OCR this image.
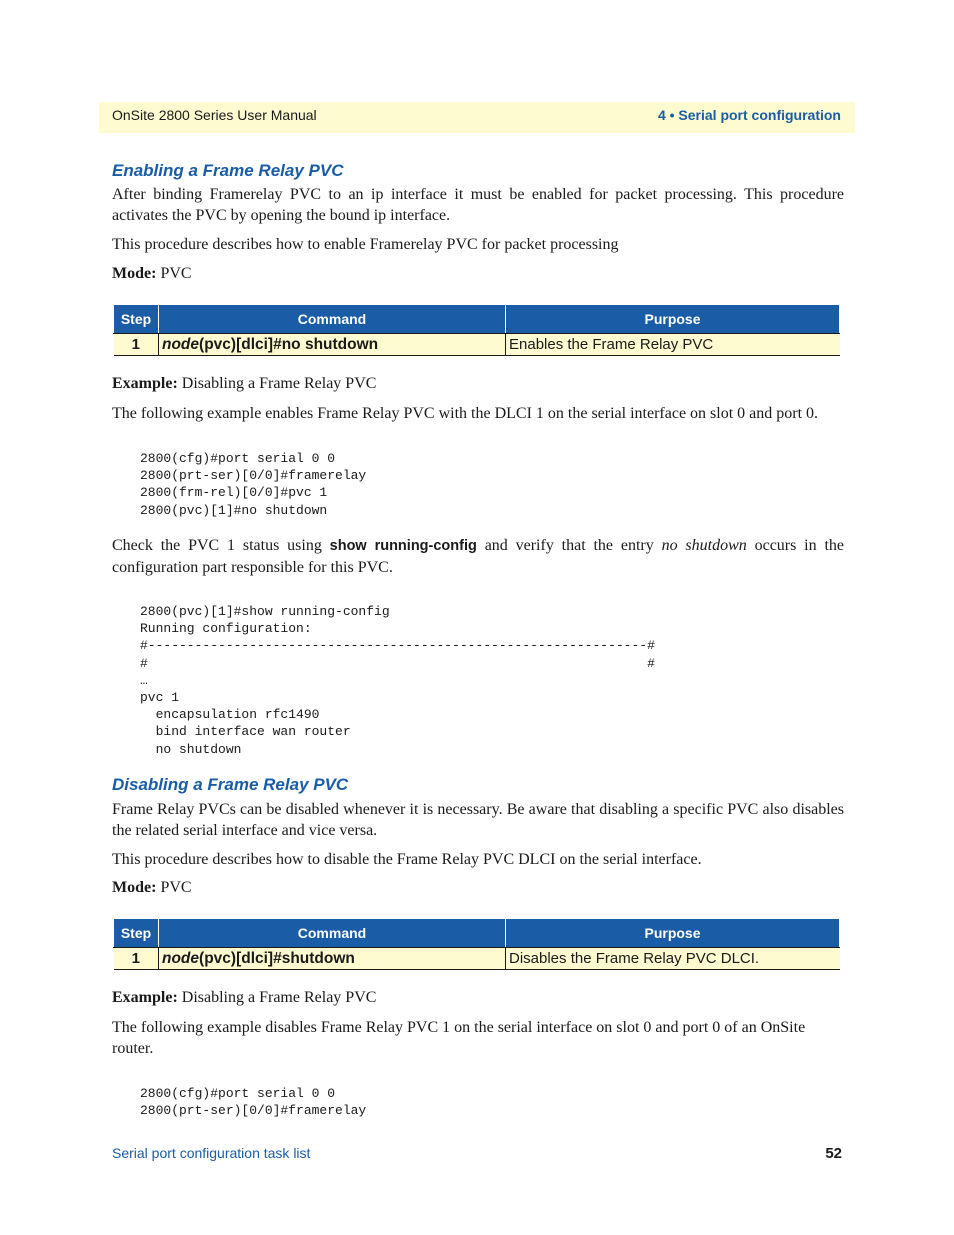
OnSite 2800 Series User Manual	4 • Serial port configuration
Enabling a Frame Relay PVC

After binding Framerelay PVC to an ip interface it must be enabled for packet processing. This procedure activates the PVC by opening the bound ip interface.

This procedure describes how to enable Framerelay PVC for packet processing

Mode: PVC

Step	Command	Purpose
1	node(pvc)[dlci]#no shutdown	Enables the Frame Relay PVC

Example: Disabling a Frame Relay PVC

The following example enables Frame Relay PVC with the DLCI 1 on the serial interface on slot 0 and port 0.

2800(cfg)#port serial 0 0
2800(prt-ser)[0/0]#framerelay
2800(frm-rel)[0/0]#pvc 1
2800(pvc)[1]#no shutdown

Check the PVC 1 status using show running-config and verify that the entry no shutdown occurs in the configuration part responsible for this PVC.

2800(pvc)[1]#show running-config
Running configuration:
#----------------------------------------------------------------#
#                                                                #
…
pvc 1
encapsulation rfc1490
bind interface wan router
no shutdown
Disabling a Frame Relay PVC

Frame Relay PVCs can be disabled whenever it is necessary. Be aware that disabling a specific PVC also disables the related serial interface and vice versa.

This procedure describes how to disable the Frame Relay PVC DLCI on the serial interface.

Mode: PVC

Step	Command	Purpose
1	node(pvc)[dlci]#shutdown	Disables the Frame Relay PVC DLCI.

Example: Disabling a Frame Relay PVC

The following example disables Frame Relay PVC 1 on the serial interface on slot 0 and port 0 of an OnSite router.

2800(cfg)#port serial 0 0
2800(prt-ser)[0/0]#framerelay
Serial port configuration task list	52
